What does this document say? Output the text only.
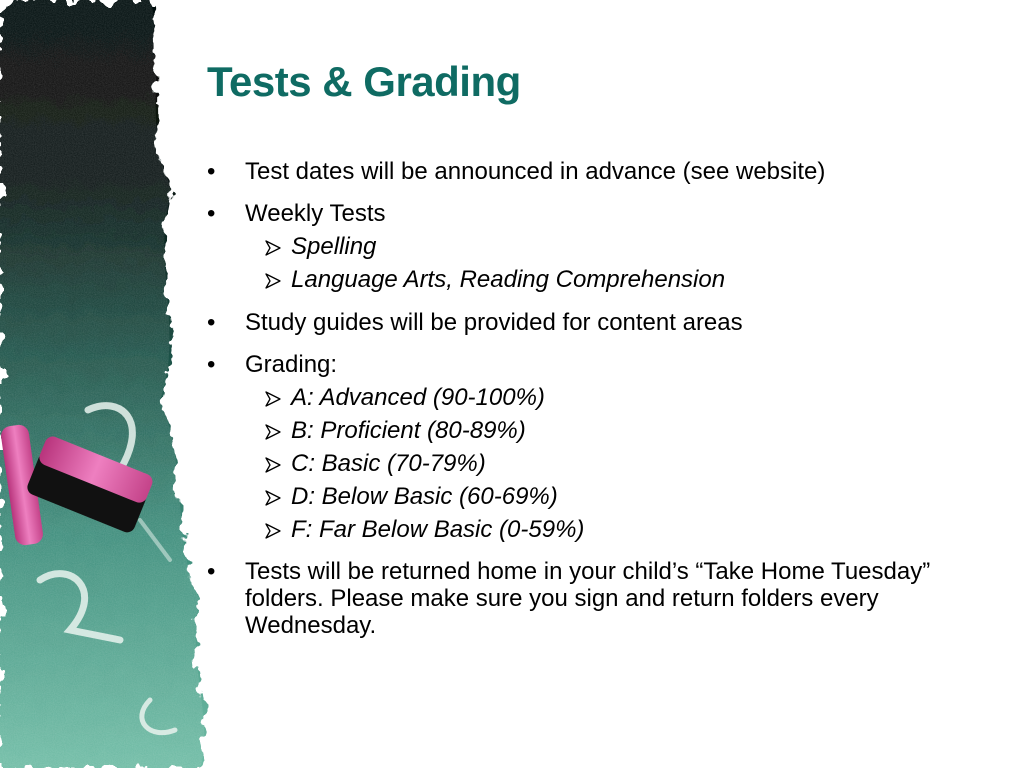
Tests & Grading
• Test dates will be announced in advance (see website)
• Weekly Tests
Spelling
Language Arts, Reading Comprehension
• Study guides will be provided for content areas
• Grading:
A: Advanced (90-100%)
B: Proficient (80-89%)
C: Basic (70-79%)
D: Below Basic (60-69%)
F: Far Below Basic (0-59%)
• Tests will be returned home in your child’s “Take Home Tuesday” folders. Please make sure you sign and return folders every Wednesday.
